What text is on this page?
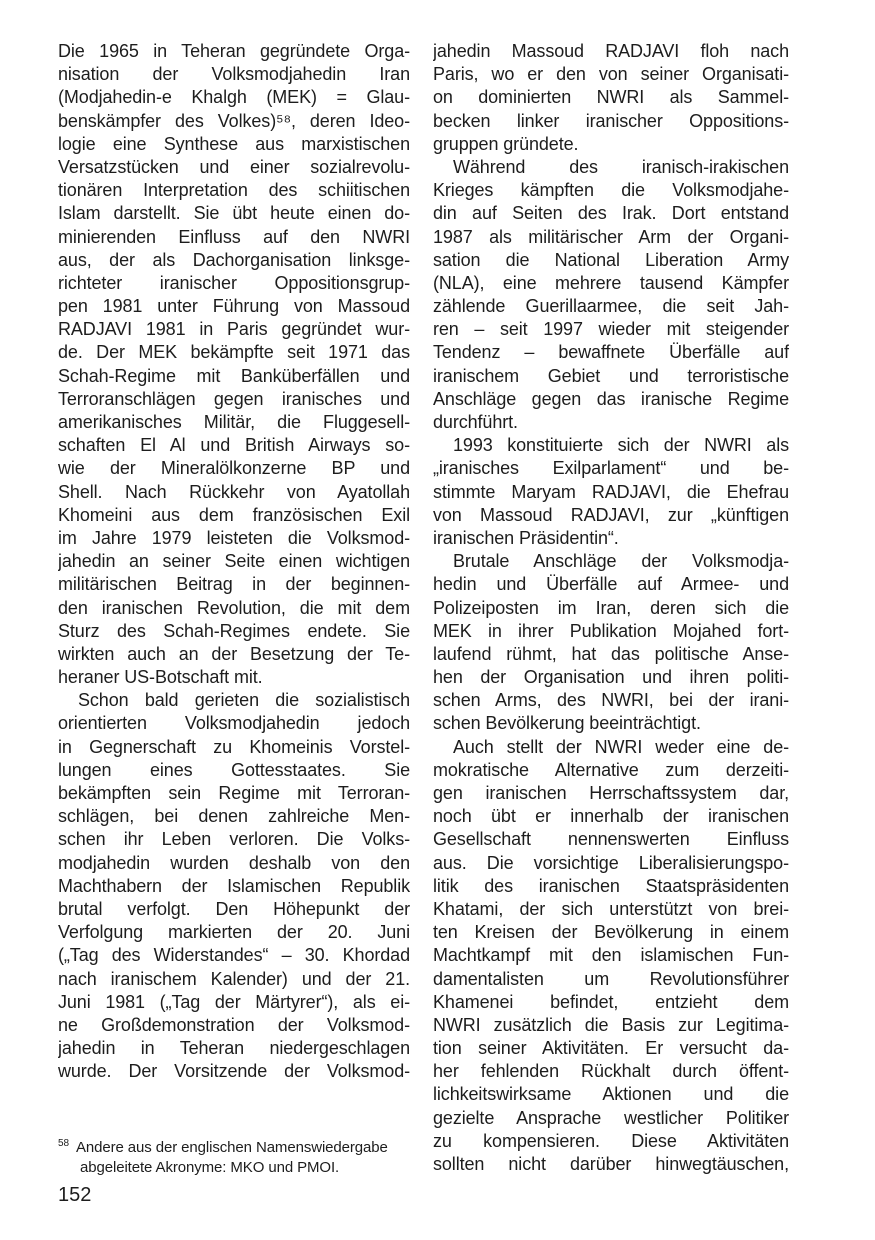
Die 1965 in Teheran gegründete Orga-
nisation der Volksmodjahedin Iran
(Modjahedin-e Khalgh (MEK) = Glau-
benskämpfer des Volkes)⁵⁸, deren Ideo-
logie eine Synthese aus marxistischen
Versatzstücken und einer sozialrevolu-
tionären Interpretation des schiitischen
Islam darstellt. Sie übt heute einen do-
minierenden Einfluss auf den NWRI
aus, der als Dachorganisation linksge-
richteter iranischer Oppositionsgrup-
pen 1981 unter Führung von Massoud
RADJAVI 1981 in Paris gegründet wur-
de. Der MEK bekämpfte seit 1971 das
Schah-Regime mit Banküberfällen und
Terroranschlägen gegen iranisches und
amerikanisches Militär, die Fluggesell-
schaften El Al und British Airways so-
wie der Mineralölkonzerne BP und
Shell. Nach Rückkehr von Ayatollah
Khomeini aus dem französischen Exil
im Jahre 1979 leisteten die Volksmod-
jahedin an seiner Seite einen wichtigen
militärischen Beitrag in der beginnen-
den iranischen Revolution, die mit dem
Sturz des Schah-Regimes endete. Sie
wirkten auch an der Besetzung der Te-
heraner US-Botschaft mit.
Schon bald gerieten die sozialistisch
orientierten Volksmodjahedin jedoch
in Gegnerschaft zu Khomeinis Vorstel-
lungen eines Gottesstaates. Sie
bekämpften sein Regime mit Terroran-
schlägen, bei denen zahlreiche Men-
schen ihr Leben verloren. Die Volks-
modjahedin wurden deshalb von den
Machthabern der Islamischen Republik
brutal verfolgt. Den Höhepunkt der
Verfolgung markierten der 20. Juni
(„Tag des Widerstandes“ – 30. Khordad
nach iranischem Kalender) und der 21.
Juni 1981 („Tag der Märtyrer“), als ei-
ne Großdemonstration der Volksmod-
jahedin in Teheran niedergeschlagen
wurde. Der Vorsitzende der Volksmod-
jahedin Massoud RADJAVI floh nach
Paris, wo er den von seiner Organisati-
on dominierten NWRI als Sammel-
becken linker iranischer Oppositions-
gruppen gründete.
Während des iranisch-irakischen
Krieges kämpften die Volksmodjahe-
din auf Seiten des Irak. Dort entstand
1987 als militärischer Arm der Organi-
sation die National Liberation Army
(NLA), eine mehrere tausend Kämpfer
zählende Guerillaarmee, die seit Jah-
ren – seit 1997 wieder mit steigender
Tendenz – bewaffnete Überfälle auf
iranischem Gebiet und terroristische
Anschläge gegen das iranische Regime
durchführt.
1993 konstituierte sich der NWRI als
„iranisches Exilparlament“ und be-
stimmte Maryam RADJAVI, die Ehefrau
von Massoud RADJAVI, zur „künftigen
iranischen Präsidentin“.
Brutale Anschläge der Volksmodja-
hedin und Überfälle auf Armee- und
Polizeiposten im Iran, deren sich die
MEK in ihrer Publikation Mojahed fort-
laufend rühmt, hat das politische Anse-
hen der Organisation und ihren politi-
schen Arms, des NWRI, bei der irani-
schen Bevölkerung beeinträchtigt.
Auch stellt der NWRI weder eine de-
mokratische Alternative zum derzeiti-
gen iranischen Herrschaftssystem dar,
noch übt er innerhalb der iranischen
Gesellschaft nennenswerten Einfluss
aus. Die vorsichtige Liberalisierungspo-
litik des iranischen Staatspräsidenten
Khatami, der sich unterstützt von brei-
ten Kreisen der Bevölkerung in einem
Machtkampf mit den islamischen Fun-
damentalisten um Revolutionsführer
Khamenei befindet, entzieht dem
NWRI zusätzlich die Basis zur Legitima-
tion seiner Aktivitäten. Er versucht da-
her fehlenden Rückhalt durch öffent-
lichkeitswirksame Aktionen und die
gezielte Ansprache westlicher Politiker
zu kompensieren. Diese Aktivitäten
sollten nicht darüber hinwegtäuschen,
$^{58}$ Andere aus der englischen Namenswiedergabe
abgeleitete Akronyme: MKO und PMOI.
152
